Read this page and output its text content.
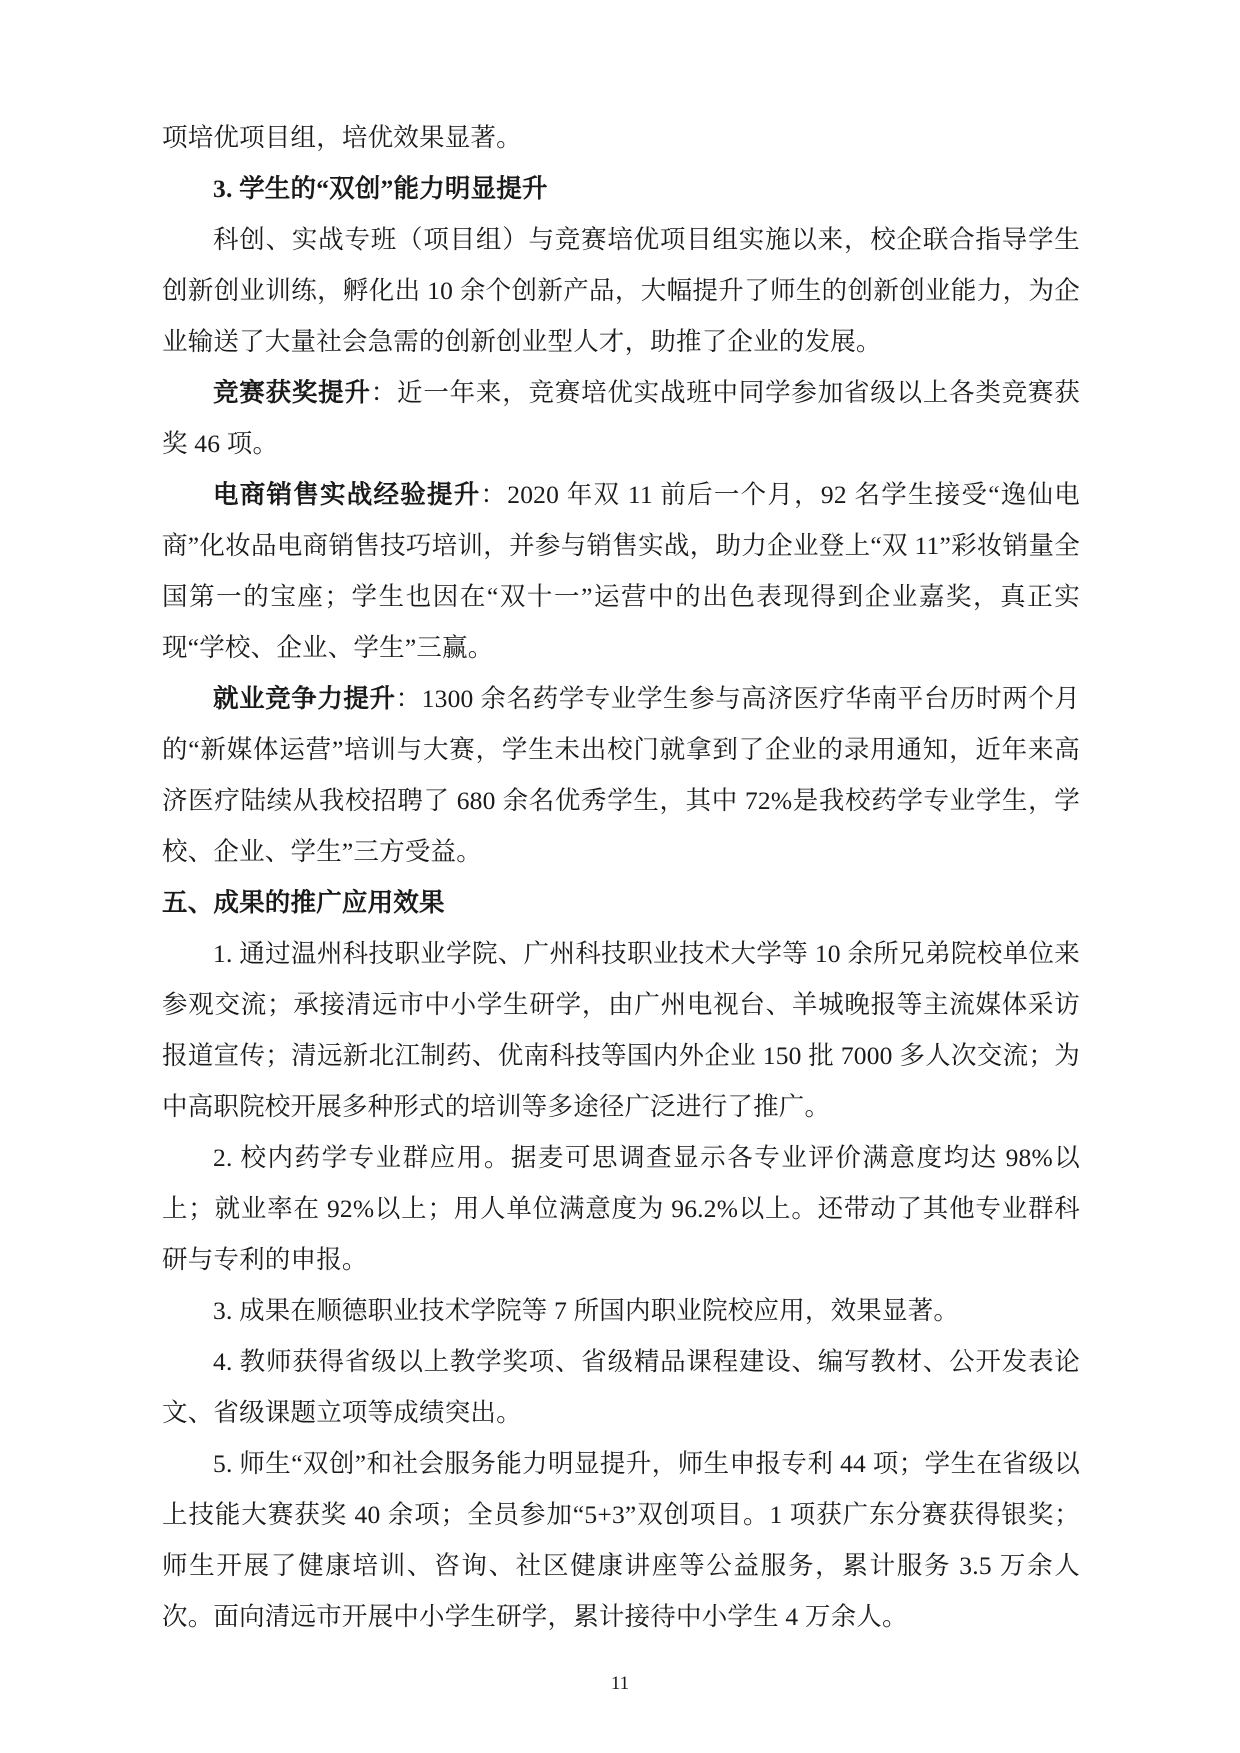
项培优项目组，培优效果显著。

3. 学生的“双创”能力明显提升

科创、实战专班（项目组）与竞赛培优项目组实施以来，校企联合指导学生创新创业训练，孵化出 10 余个创新产品，大幅提升了师生的创新创业能力，为企业输送了大量社会急需的创新创业型人才，助推了企业的发展。

竞赛获奖提升：近一年来，竞赛培优实战班中同学参加省级以上各类竞赛获奖 46 项。

电商销售实战经验提升：2020 年双 11 前后一个月，92 名学生接受“逸仙电商”化妆品电商销售技巧培训，并参与销售实战，助力企业登上“双 11”彩妆销量全国第一的宝座；学生也因在“双十一”运营中的出色表现得到企业嘉奖，真正实现“学校、企业、学生”三赢。

就业竞争力提升：1300 余名药学专业学生参与高济医疗华南平台历时两个月的“新媒体运营”培训与大赛，学生未出校门就拿到了企业的录用通知，近年来高济医疗陆续从我校招聘了 680 余名优秀学生，其中 72%是我校药学专业学生，学校、企业、学生”三方受益。

五、成果的推广应用效果

1. 通过温州科技职业学院、广州科技职业技术大学等 10 余所兄弟院校单位来参观交流；承接清远市中小学生研学，由广州电视台、羊城晚报等主流媒体采访报道宣传；清远新北江制药、优南科技等国内外企业 150 批 7000 多人次交流；为中高职院校开展多种形式的培训等多途径广泛进行了推广。

2. 校内药学专业群应用。据麦可思调查显示各专业评价满意度均达 98%以上；就业率在 92%以上；用人单位满意度为 96.2%以上。还带动了其他专业群科研与专利的申报。

3. 成果在顺德职业技术学院等 7 所国内职业院校应用，效果显著。

4. 教师获得省级以上教学奖项、省级精品课程建设、编写教材、公开发表论文、省级课题立项等成绩突出。

5. 师生“双创”和社会服务能力明显提升，师生申报专利 44 项；学生在省级以上技能大赛获奖 40 余项；全员参加“5+3”双创项目。1 项获广东分赛获得银奖；师生开展了健康培训、咨询、社区健康讲座等公益服务，累计服务 3.5 万余人次。面向清远市开展中小学生研学，累计接待中小学生 4 万余人。

11
